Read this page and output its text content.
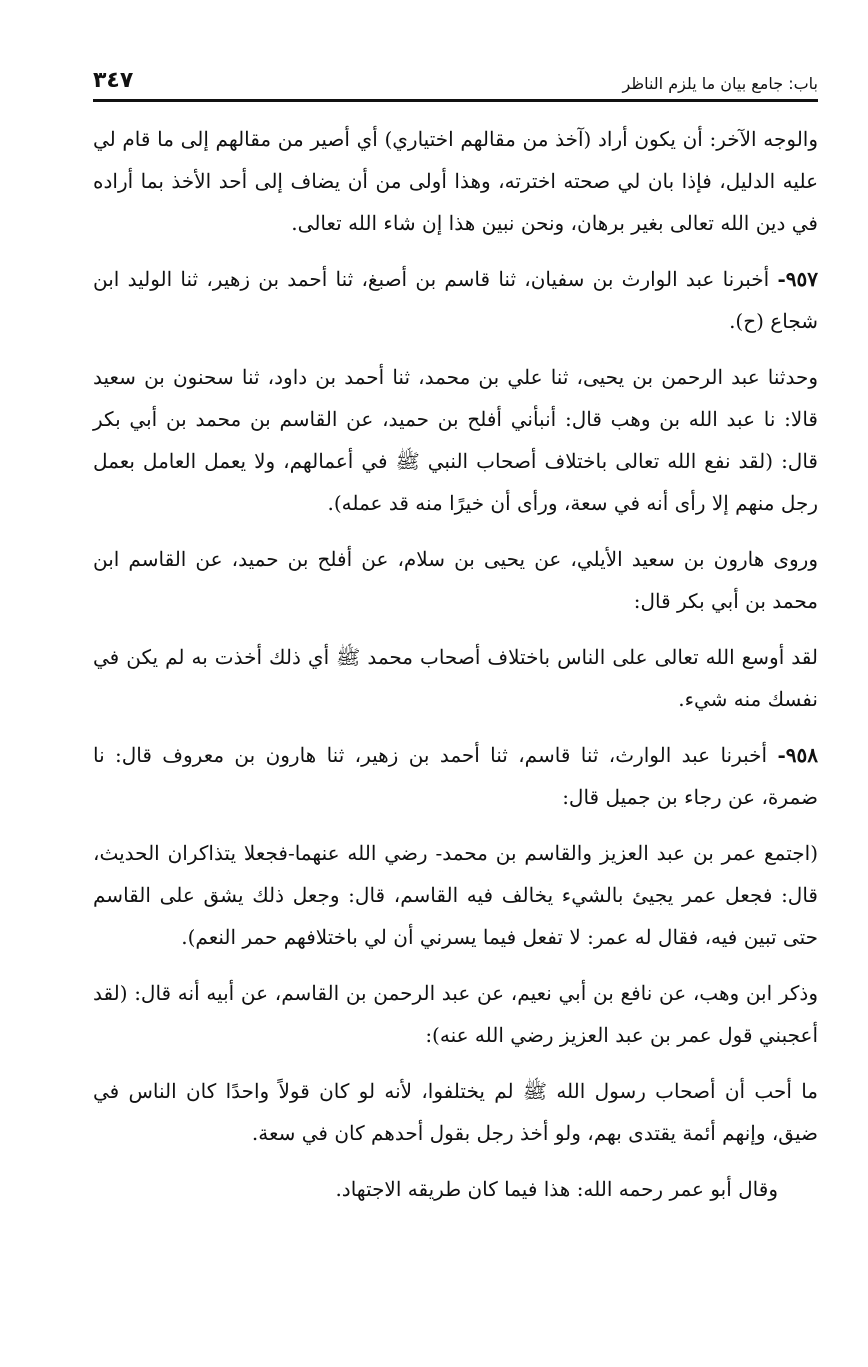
باب: جامع بيان ما يلزم الناظر
٣٤٧

والوجه الآخر: أن يكون أراد (آخذ من مقالهم اختياري) أي أصير من مقالهم إلى ما قام لي عليه الدليل، فإذا بان لي صحته اخترته، وهذا أولى من أن يضاف إلى أحد الأخذ بما أراده في دين الله تعالى بغير برهان، ونحن نبين هذا إن شاء الله تعالى.

٩٥٧- أخبرنا عبد الوارث بن سفيان، ثنا قاسم بن أصبغ، ثنا أحمد بن زهير، ثنا الوليد ابن شجاع (ح).

وحدثنا عبد الرحمن بن يحيى، ثنا علي بن محمد، ثنا أحمد بن داود، ثنا سحنون بن سعيد قالا: نا عبد الله بن وهب قال: أنبأني أفلح بن حميد، عن القاسم بن محمد بن أبي بكر قال: (لقد نفع الله تعالى باختلاف أصحاب النبي ﷺ في أعمالهم، ولا يعمل العامل بعمل رجل منهم إلا رأى أنه في سعة، ورأى أن خيرًا منه قد عمله).

وروى هارون بن سعيد الأيلي، عن يحيى بن سلام، عن أفلح بن حميد، عن القاسم ابن محمد بن أبي بكر قال:

لقد أوسع الله تعالى على الناس باختلاف أصحاب محمد ﷺ أي ذلك أخذت به لم يكن في نفسك منه شيء.

٩٥٨- أخبرنا عبد الوارث، ثنا قاسم، ثنا أحمد بن زهير، ثنا هارون بن معروف قال: نا ضمرة، عن رجاء بن جميل قال:

(اجتمع عمر بن عبد العزيز والقاسم بن محمد- رضي الله عنهما-فجعلا يتذاكران الحديث، قال: فجعل عمر يجيئ بالشيء يخالف فيه القاسم، قال: وجعل ذلك يشق على القاسم حتى تبين فيه، فقال له عمر: لا تفعل فيما يسرني أن لي باختلافهم حمر النعم).

وذكر ابن وهب، عن نافع بن أبي نعيم، عن عبد الرحمن بن القاسم، عن أبيه أنه قال: (لقد أعجبني قول عمر بن عبد العزيز رضي الله عنه):

ما أحب أن أصحاب رسول الله ﷺ لم يختلفوا، لأنه لو كان قولاً واحدًا كان الناس في ضيق، وإنهم أئمة يقتدى بهم، ولو أخذ رجل بقول أحدهم كان في سعة.

وقال أبو عمر رحمه الله: هذا فيما كان طريقه الاجتهاد.
